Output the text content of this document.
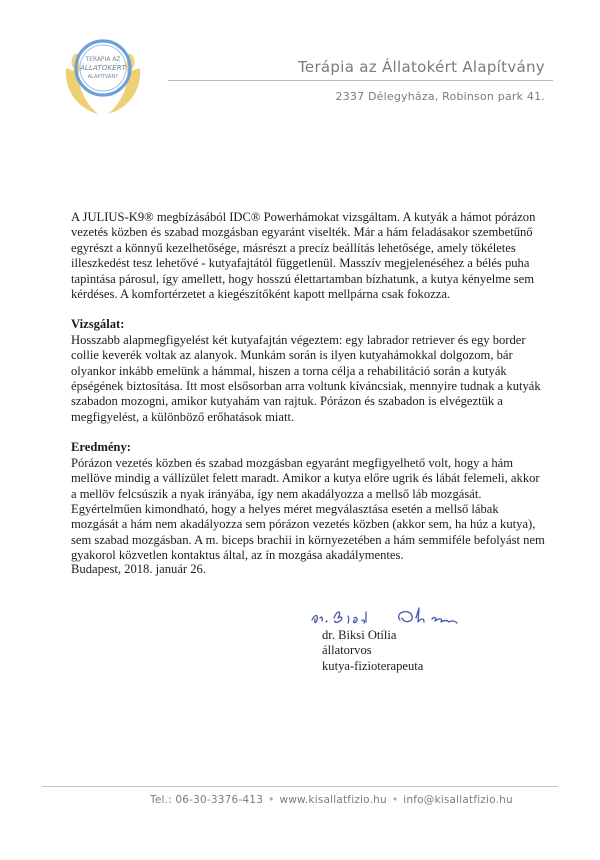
TERÁPIA AZ
ÁLLATOKÉRT
ALAPÍTVÁNY

Terápia az Állatokért Alapítvány

2337 Délegyháza, Robinson park 41.

A JULIUS-K9® megbízásából IDC® Powerhámokat vizsgáltam. A kutyák a hámot pórázon vezetés közben és szabad mozgásban egyaránt viselték. Már a hám feladásakor szembetűnő egyrészt a könnyű kezelhetősége, másrészt a precíz beállítás lehetősége, amely tökéletes illeszkedést tesz lehetővé - kutyafajtától függetlenül. Masszív megjelenéséhez a bélés puha tapintása párosul, így amellett, hogy hosszú élettartamban bízhatunk, a kutya kényelme sem kérdéses. A komfortérzetet a kiegészítőként kapott mellpárna csak fokozza.

Vizsgálat:

Hosszabb alapmegfigyelést két kutyafajtán végeztem: egy labrador retriever és egy border collie keverék voltak az alanyok. Munkám során is ilyen kutyahámokkal dolgozom, bár olyankor inkább emelünk a hámmal, hiszen a torna célja a rehabilitáció során a kutyák épségének biztosítása. Itt most elsősorban arra voltunk kíváncsiak, mennyire tudnak a kutyák szabadon mozogni, amikor kutyahám van rajtuk. Pórázon és szabadon is elvégeztük a megfigyelést, a különböző erőhatások miatt.

Eredmény:

Pórázon vezetés közben és szabad mozgásban egyaránt megfigyelhető volt, hogy a hám mellöve mindig a vállízület felett maradt. Amikor a kutya előre ugrik és lábát felemeli, akkor a mellöv felcsúszik a nyak irányába, így nem akadályozza a mellső láb mozgását. Egyértelműen kimondható, hogy a helyes méret megválasztása esetén a mellső lábak mozgását a hám nem akadályozza sem pórázon vezetés közben (akkor sem, ha húz a kutya), sem szabad mozgásban. A m. biceps brachii in környezetében a hám semmiféle befolyást nem gyakorol közvetlen kontaktus által, az ín mozgása akadálymentes.

Budapest, 2018. január 26.
dr. Biksi Otília
állatorvos
kutya-fizioterapeuta
Tel.: 06-30-3376-413 • www.kisallatfizio.hu • info@kisallatfizio.hu
